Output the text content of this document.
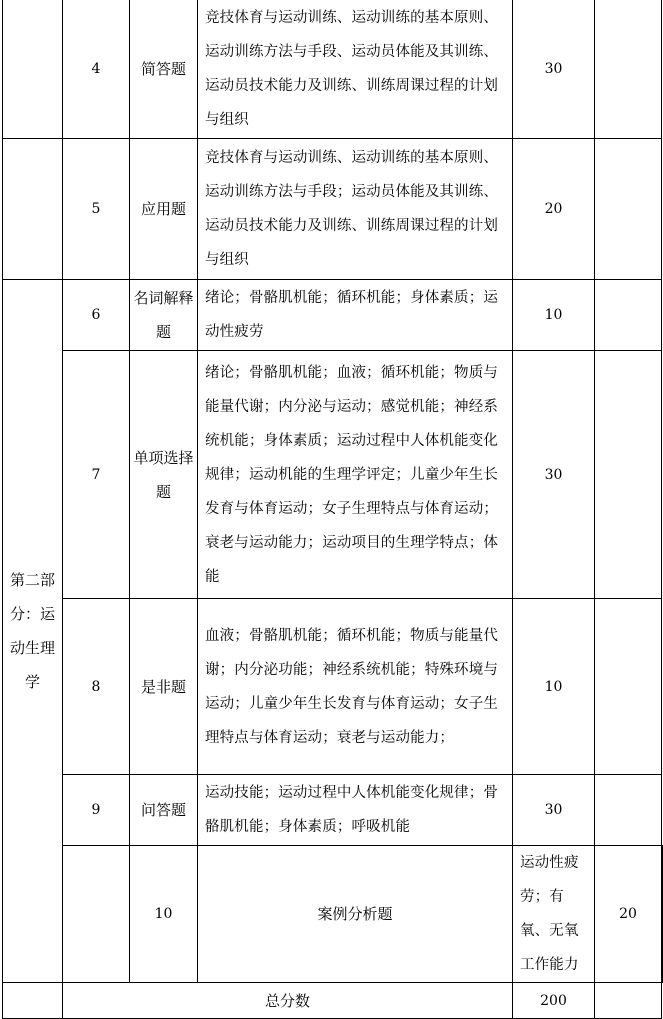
	4	简答题	竞技体育与运动训练、运动训练的基本原则、运动训练方法与手段、运动员体能及其训练、运动员技术能力及训练、训练周课过程的计划与组织	30		
	5	应用题	竞技体育与运动训练、运动训练的基本原则、运动训练方法与手段；运动员体能及其训练、运动员技术能力及训练、训练周课过程的计划与组织	20		
第二部分：运动生理学	6	名词解释题	绪论；骨骼肌机能；循环机能；身体素质；运动性疲劳	10		
	7	单项选择题	绪论；骨骼肌机能；血液；循环机能；物质与能量代谢；内分泌与运动；感觉机能；神经系统机能；身体素质；运动过程中人体机能变化规律；运动机能的生理学评定；儿童少年生长发育与体育运动；女子生理特点与体育运动；衰老与运动能力；运动项目的生理学特点；体能	30		
	8	是非题	血液；骨骼肌机能；循环机能；物质与能量代谢；内分泌功能；神经系统机能；特殊环境与运动；儿童少年生长发育与体育运动；女子生理特点与体育运动；衰老与运动能力；	10		
	9	问答题	运动技能；运动过程中人体机能变化规律；骨骼肌机能；身体素质；呼吸机能	30		
		10	案例分析题	运动性疲劳；有氧、无氧工作能力	20	
	总分数			200		
